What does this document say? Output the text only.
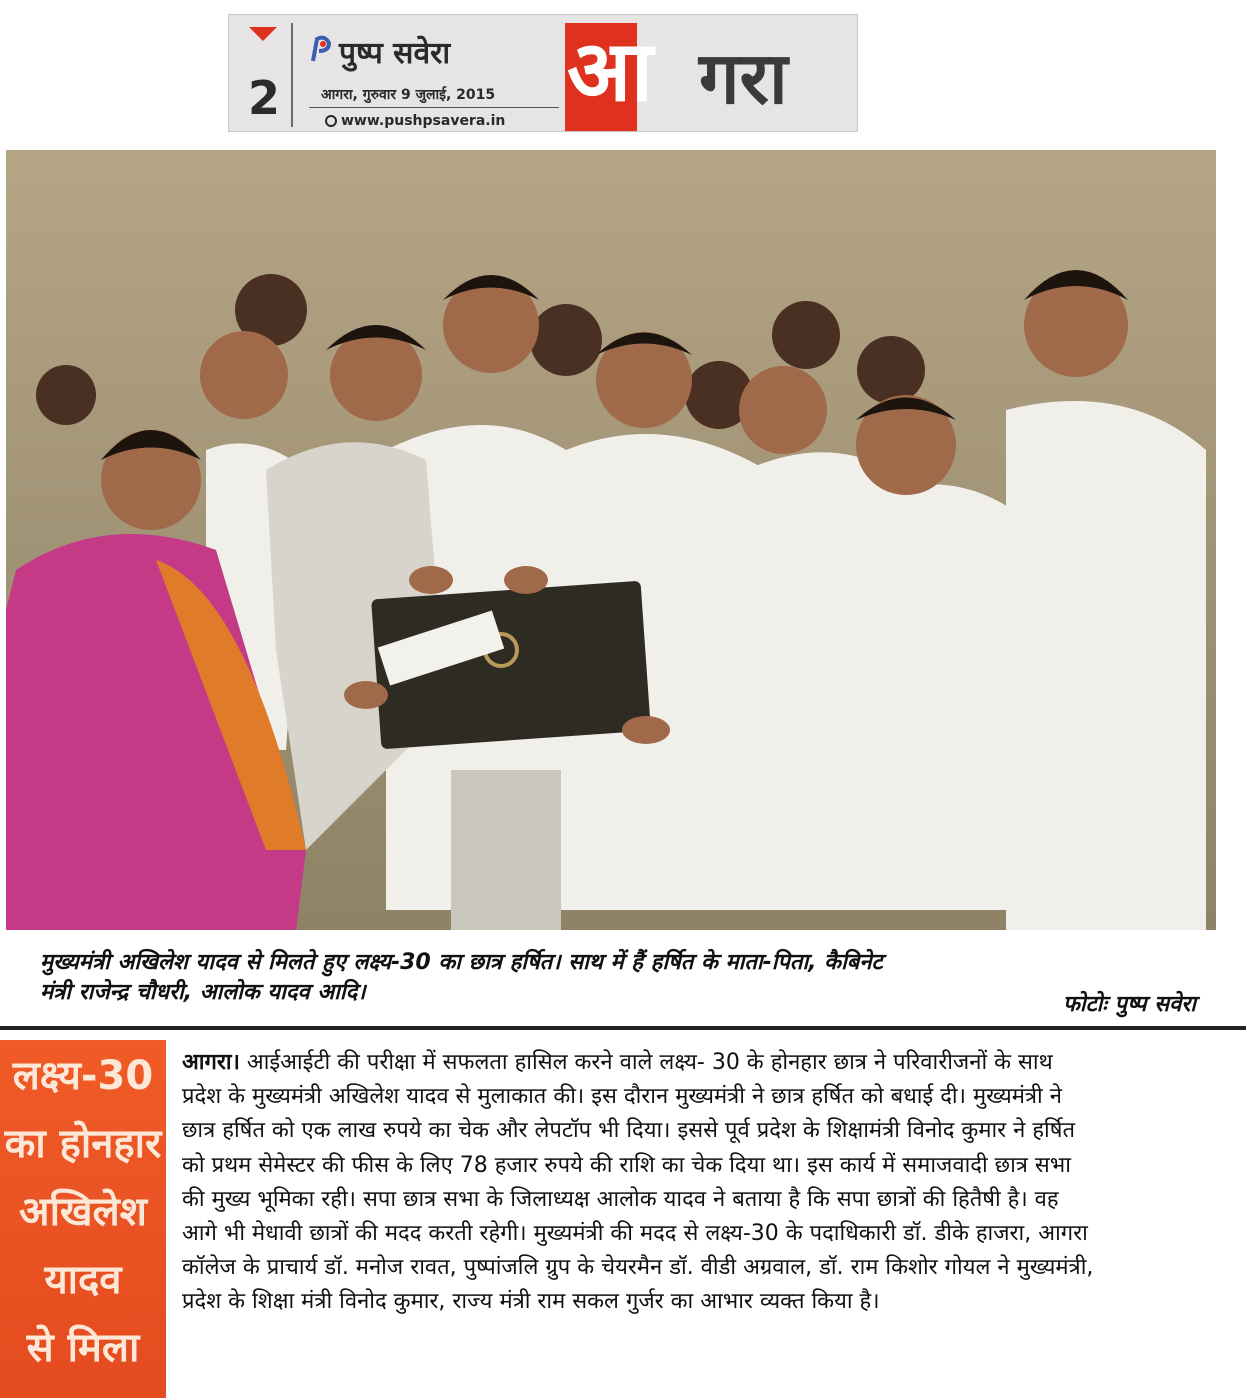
2
पुष्प सवेरा
आगरा, गुरुवार 9 जुलाई, 2015
www.pushpsavera.in
आ गरा
मुख्यमंत्री अखिलेश यादव से मिलते हुए लक्ष्य-30 का छात्र हर्षित। साथ में हैं हर्षित के माता-पिता, कैबिनेट
मंत्री राजेन्द्र चौधरी, आलोक यादव आदि।	फोटोः पुष्प सवेरा
लक्ष्य-30
का होनहार
अखिलेश
यादव
से मिला

आगरा। आईआईटी की परीक्षा में सफलता हासिल करने वाले लक्ष्य- 30 के होनहार छात्र ने परिवारीजनों के साथ

प्रदेश के मुख्यमंत्री अखिलेश यादव से मुलाकात की। इस दौरान मुख्यमंत्री ने छात्र हर्षित को बधाई दी। मुख्यमंत्री ने

छात्र हर्षित को एक लाख रुपये का चेक और लेपटॉप भी दिया। इससे पूर्व प्रदेश के शिक्षामंत्री विनोद कुमार ने हर्षित

को प्रथम सेमेस्टर की फीस के लिए 78 हजार रुपये की राशि का चेक दिया था। इस कार्य में समाजवादी छात्र सभा

की मुख्य भूमिका रही। सपा छात्र सभा के जिलाध्यक्ष आलोक यादव ने बताया है कि सपा छात्रों की हितैषी है। वह

आगे भी मेधावी छात्रों की मदद करती रहेगी। मुख्यमंत्री की मदद से लक्ष्य-30 के पदाधिकारी डॉ. डीके हाजरा, आगरा

कॉलेज के प्राचार्य डॉ. मनोज रावत, पुष्पांजलि ग्रुप के चेयरमैन डॉ. वीडी अग्रवाल, डॉ. राम किशोर गोयल ने मुख्यमंत्री,

प्रदेश के शिक्षा मंत्री विनोद कुमार, राज्य मंत्री राम सकल गुर्जर का आभार व्यक्त किया है।
